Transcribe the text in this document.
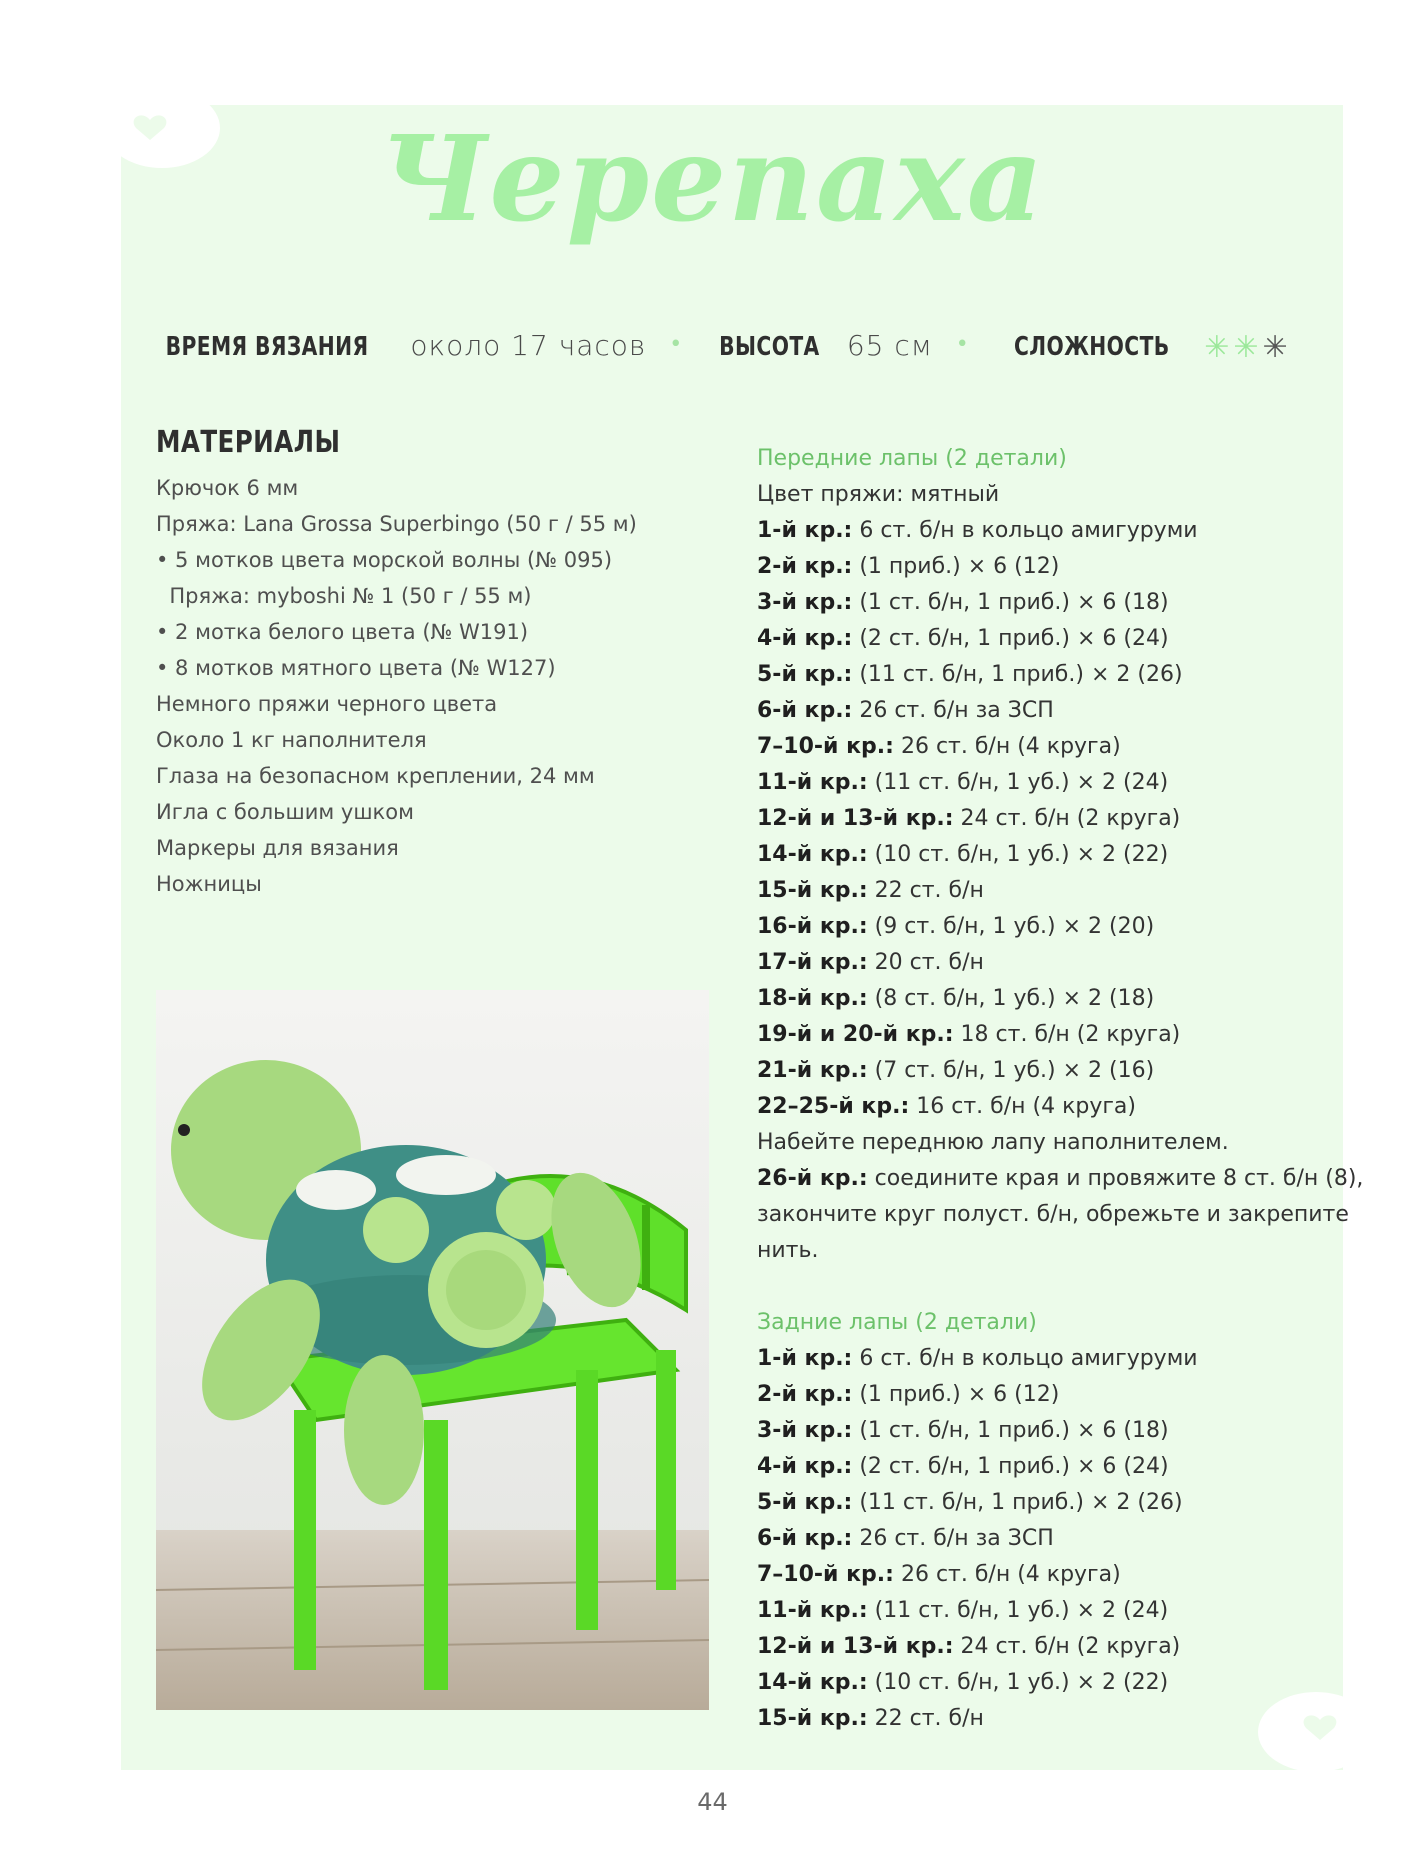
Черепаха
ВРЕМЯ ВЯЗАНИЯ около 17 часов • ВЫСОТА 65 см • СЛОЖНОСТЬ ✳ ✳ ✳
МАТЕРИАЛЫ
Крючок 6 мм
Пряжа: Lana Grossa Superbingo (50 г / 55 м)
• 5 мотков цвета морской волны (№ 095)
Пряжа: myboshi № 1 (50 г / 55 м)
• 2 мотка белого цвета (№ W191)
• 8 мотков мятного цвета (№ W127)
Немного пряжи черного цвета
Около 1 кг наполнителя
Глаза на безопасном креплении, 24 мм
Игла с большим ушком
Маркеры для вязания
Ножницы
Передние лапы (2 детали)
Цвет пряжи: мятный
1-й кр.: 6 ст. б/н в кольцо амигуруми
2-й кр.: (1 приб.) × 6 (12)
3-й кр.: (1 ст. б/н, 1 приб.) × 6 (18)
4-й кр.: (2 ст. б/н, 1 приб.) × 6 (24)
5-й кр.: (11 ст. б/н, 1 приб.) × 2 (26)
6-й кр.: 26 ст. б/н за ЗСП
7–10-й кр.: 26 ст. б/н (4 круга)
11-й кр.: (11 ст. б/н, 1 уб.) × 2 (24)
12-й и 13-й кр.: 24 ст. б/н (2 круга)
14-й кр.: (10 ст. б/н, 1 уб.) × 2 (22)
15-й кр.: 22 ст. б/н
16-й кр.: (9 ст. б/н, 1 уб.) × 2 (20)
17-й кр.: 20 ст. б/н
18-й кр.: (8 ст. б/н, 1 уб.) × 2 (18)
19-й и 20-й кр.: 18 ст. б/н (2 круга)
21-й кр.: (7 ст. б/н, 1 уб.) × 2 (16)
22–25-й кр.: 16 ст. б/н (4 круга)
Набейте переднюю лапу наполнителем.
26-й кр.: соедините края и провяжите 8 ст. б/н (8),
закончите круг полуст. б/н, обрежьте и закрепите
нить.
Задние лапы (2 детали)
1-й кр.: 6 ст. б/н в кольцо амигуруми
2-й кр.: (1 приб.) × 6 (12)
3-й кр.: (1 ст. б/н, 1 приб.) × 6 (18)
4-й кр.: (2 ст. б/н, 1 приб.) × 6 (24)
5-й кр.: (11 ст. б/н, 1 приб.) × 2 (26)
6-й кр.: 26 ст. б/н за ЗСП
7–10-й кр.: 26 ст. б/н (4 круга)
11-й кр.: (11 ст. б/н, 1 уб.) × 2 (24)
12-й и 13-й кр.: 24 ст. б/н (2 круга)
14-й кр.: (10 ст. б/н, 1 уб.) × 2 (22)
15-й кр.: 22 ст. б/н
44
